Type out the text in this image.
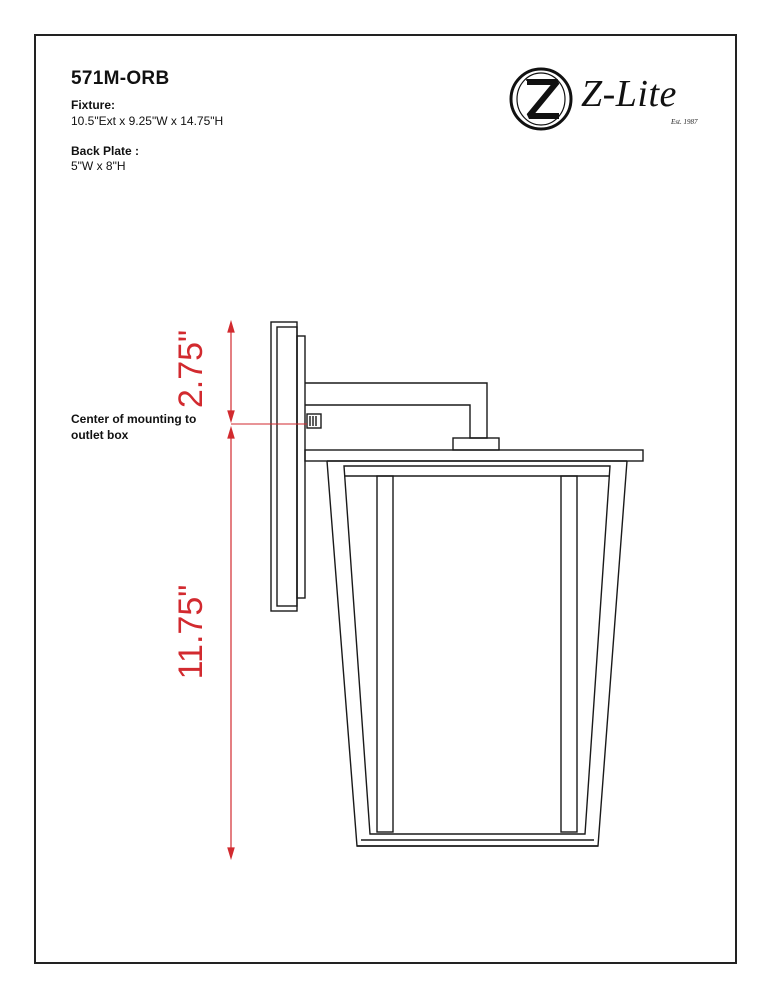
571M-ORB
Fixture:
10.5"Ext x 9.25"W x 14.75"H
Back Plate :
5"W x 8"H
Z-Lite
Est. 1987
Center of mounting to outlet box
2.75"
11.75"
